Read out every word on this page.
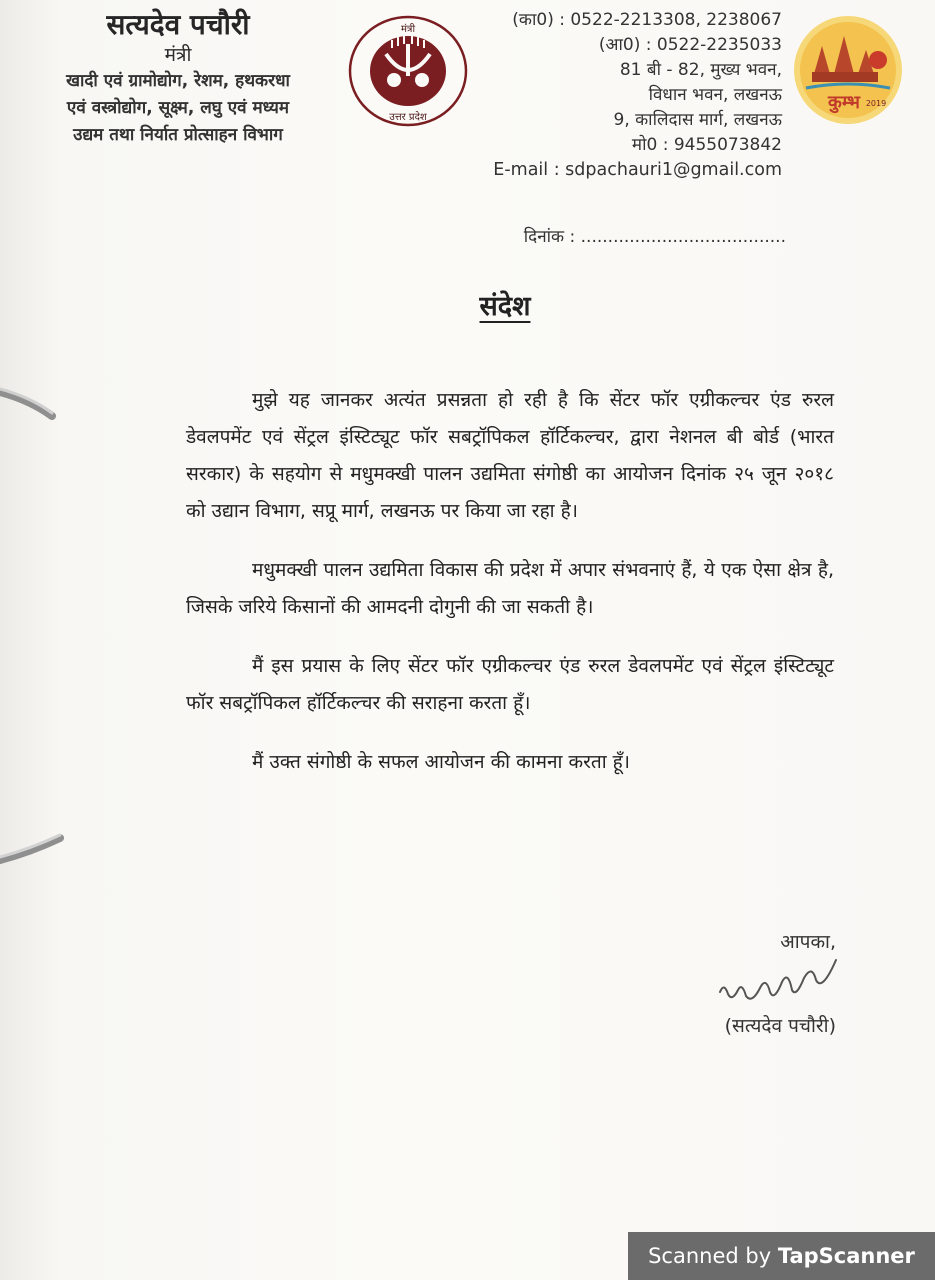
सत्यदेव पचौरी
मंत्री
खादी एवं ग्रामोद्योग, रेशम, हथकरधा
एवं वस्त्रोद्योग, सूक्ष्म, लघु एवं मध्यम
उद्यम तथा निर्यात प्रोत्साहन विभाग
मंत्री
उत्तर प्रदेश
(का0) : 0522-2213308, 2238067
(आ0) : 0522-2235033
81 बी - 82, मुख्य भवन,
विधान भवन, लखनऊ
9, कालिदास मार्ग, लखनऊ
मो0 : 9455073842
E-mail : sdpachauri1@gmail.com
कुम्भ 2019
दिनांक : ......................................
संदेश

मुझे यह जानकर अत्यंत प्रसन्नता हो रही है कि सेंटर फॉर एग्रीकल्चर एंड रुरल डेवलपमेंट एवं सेंट्रल इंस्टिट्यूट फॉर सबट्रॉपिकल हॉर्टिकल्चर, द्वारा नेशनल बी बोर्ड (भारत सरकार) के सहयोग से मधुमक्खी पालन उद्यमिता संगोष्ठी का आयोजन दिनांक २५ जून २०१८ को उद्यान विभाग, सप्रू मार्ग, लखनऊ पर किया जा रहा है।

मधुमक्खी पालन उद्यमिता विकास की प्रदेश में अपार संभवनाएं हैं, ये एक ऐसा क्षेत्र है, जिसके जरिये किसानों की आमदनी दोगुनी की जा सकती है।

मैं इस प्रयास के लिए सेंटर फॉर एग्रीकल्चर एंड रुरल डेवलपमेंट एवं सेंट्रल इंस्टिट्यूट फॉर सबट्रॉपिकल हॉर्टिकल्चर की सराहना करता हूँ।

मैं उक्त संगोष्ठी के सफल आयोजन की कामना करता हूँ।

आपका,
(सत्यदेव पचौरी)
Scanned by TapScanner
